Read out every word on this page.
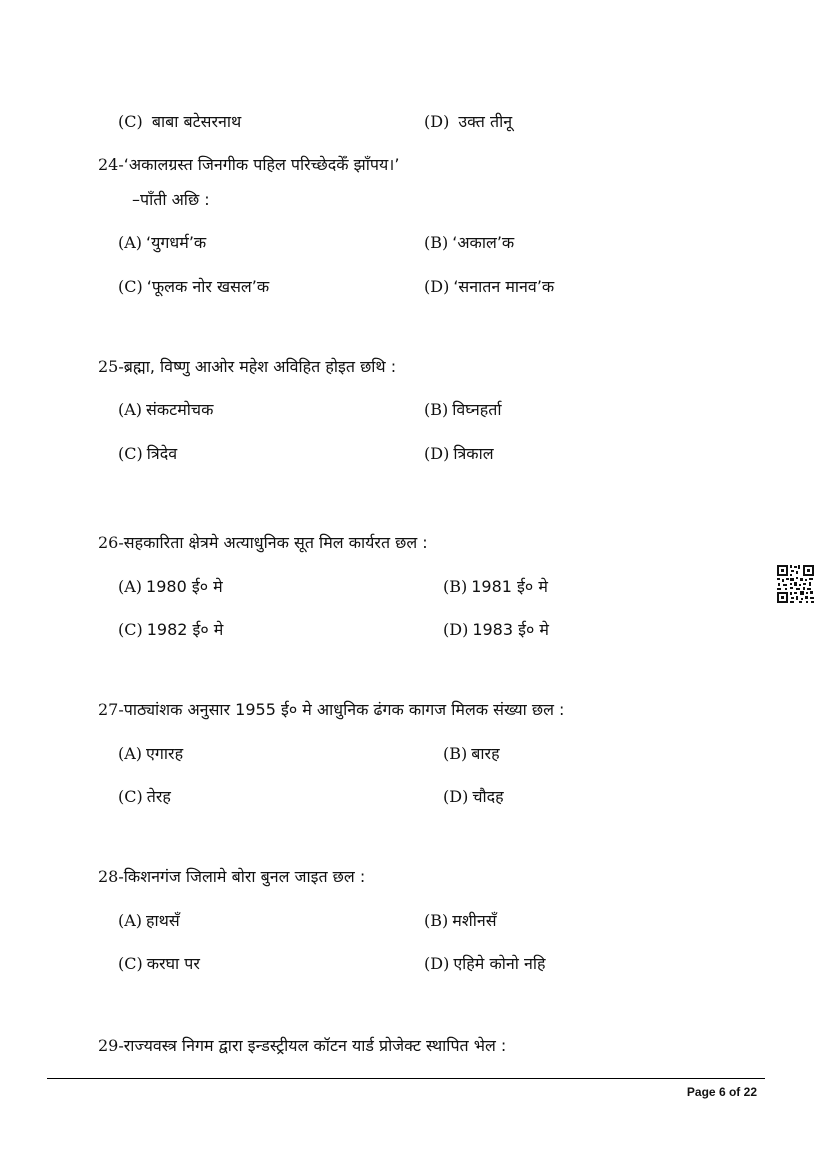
(C) बाबा बटेसरनाथ	(D) उक्त तीनू
24-‘अकालग्रस्त जिनगीक पहिल परिच्छेदकेँ झाँपय।’
–पाँती अछि :
(A) ‘युगधर्म’क	(B) ‘अकाल’क
(C) ‘फूलक नोर खसल’क	(D) ‘सनातन मानव’क
25-ब्रह्मा, विष्णु आओर महेश अविहित होइत छथि :
(A) संकटमोचक	(B) विघ्नहर्ता
(C) त्रिदेव	(D) त्रिकाल
26-सहकारिता क्षेत्रमे अत्याधुनिक सूत मिल कार्यरत छल :
(A) 1980 ई० मे	(B) 1981 ई० मे
(C) 1982 ई० मे	(D) 1983 ई० मे
27-पाठ्यांशक अनुसार 1955 ई० मे आधुनिक ढंगक कागज मिलक संख्या छल :
(A) एगारह	(B) बारह
(C) तेरह	(D) चौदह
28-किशनगंज जिलामे बोरा बुनल जाइत छल :
(A) हाथसँ	(B) मशीनसँ
(C) करघा पर	(D) एहिमे कोनो नहि
29-राज्यवस्त्र निगम द्वारा इन्डस्ट्रीयल कॉटन यार्ड प्रोजेक्ट स्थापित भेल :
Page 6 of 22
